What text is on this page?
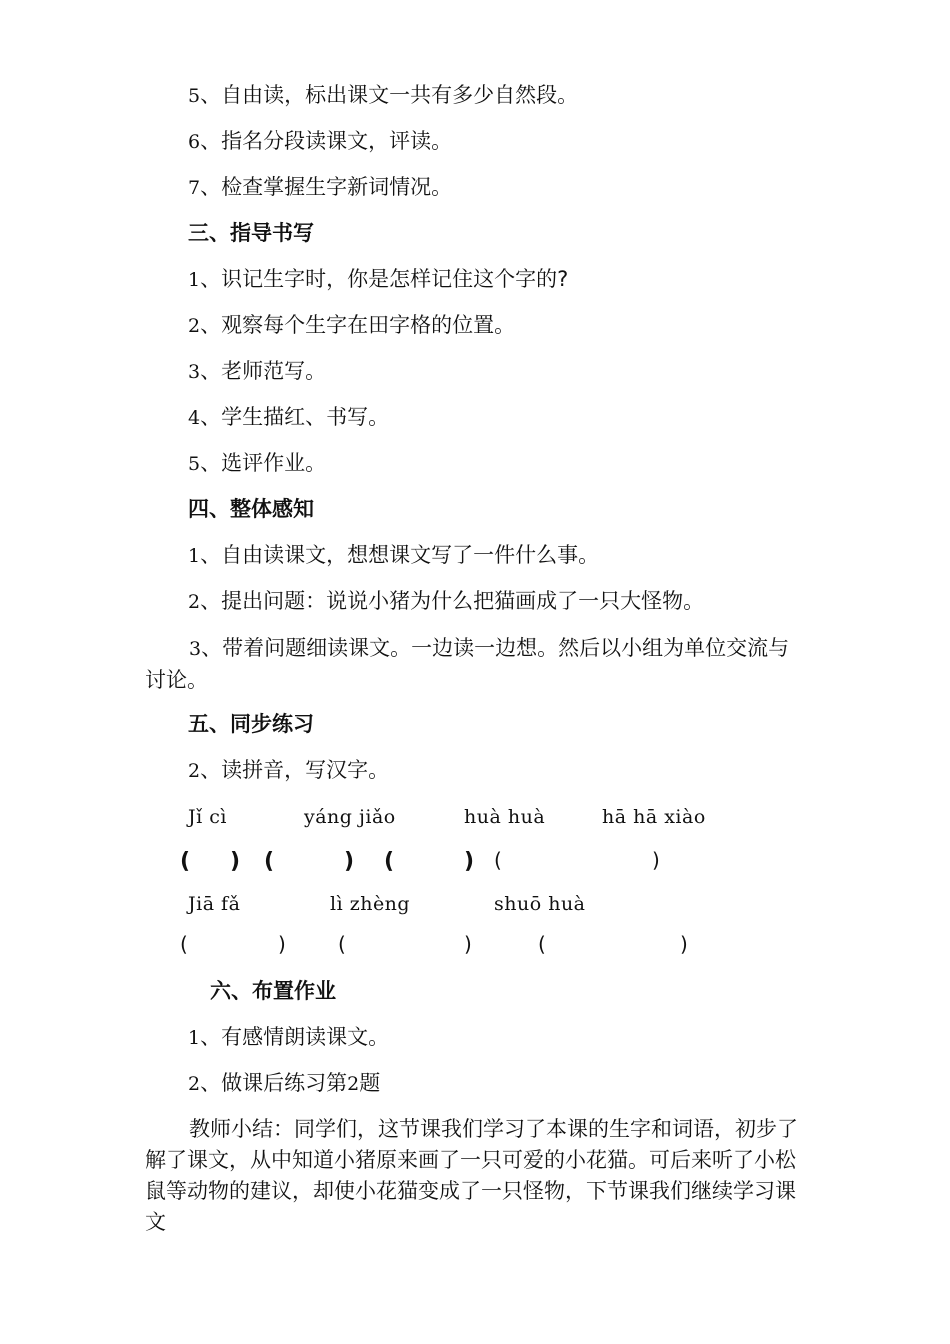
5、自由读，标出课文一共有多少自然段。
6、指名分段读课文，评读。
7、检查掌握生字新词情况。
三、指导书写
1、识记生字时，你是怎样记住这个字的?
2、观察每个生字在田字格的位置。
3、老师范写。
4、学生描红、书写。
5、选评作业。
四、整体感知
1、自由读课文，想想课文写了一件什么事。
2、提出问题：说说小猪为什么把猫画成了一只大怪物。
3、带着问题细读课文。一边读一边想。然后以小组为单位交流与讨论。
五、同步练习
2、读拼音，写汉字。
Jǐ cì	yáng jiǎo	huà huà	hā hā xiào
( ) (	) (	) (	)
Jiā fǎ	lì zhèng	shuō huà
(	)	(	)	(	)
六、布置作业
1、有感情朗读课文。
2、做课后练习第2题
教师小结：同学们，这节课我们学习了本课的生字和词语，初步了解了课文，从中知道小猪原来画了一只可爱的小花猫。可后来听了小松鼠等动物的建议，却使小花猫变成了一只怪物，下节课我们继续学习课文
